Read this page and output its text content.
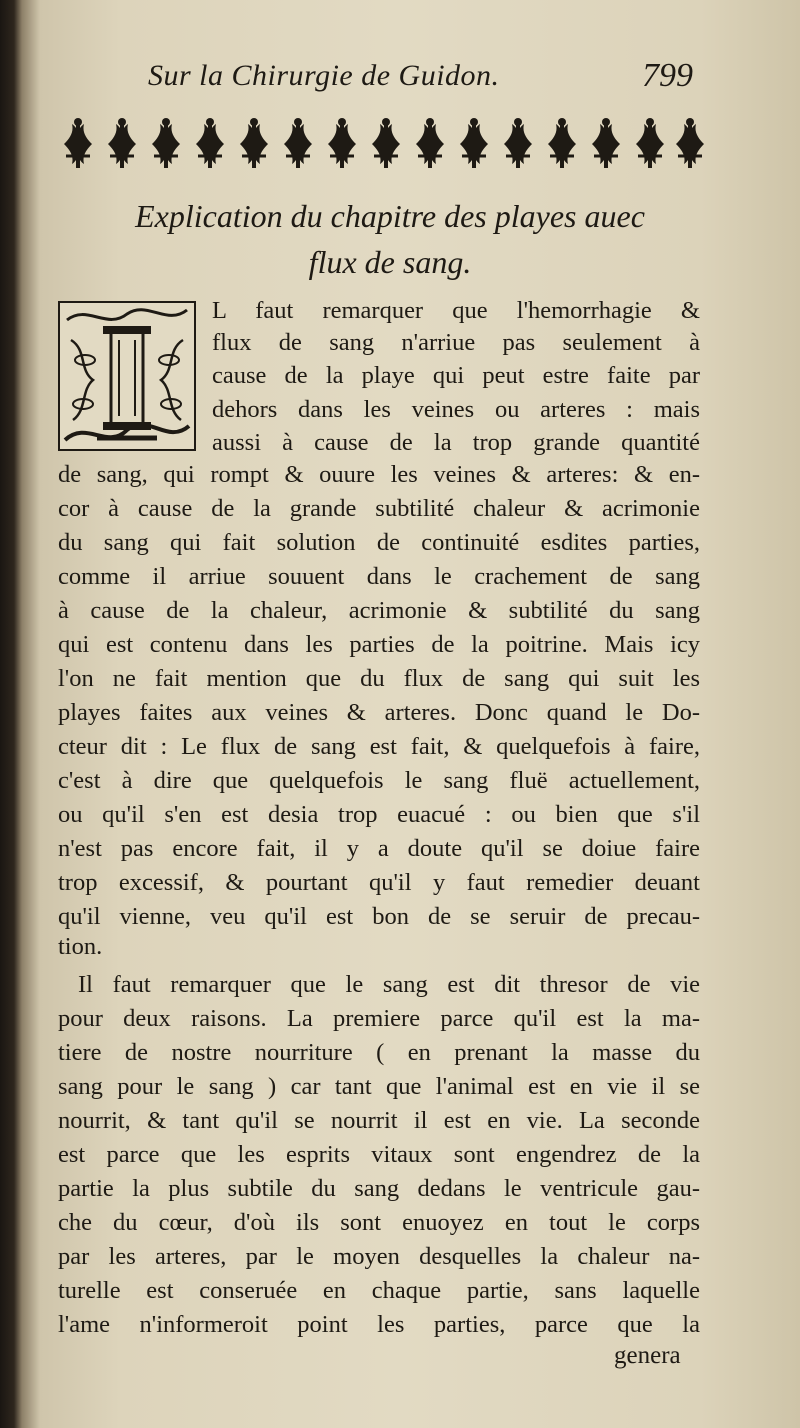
Sur la Chirurgie de Guidon.	799
Explication du chapitre des playes auec
flux de sang.
L faut remarquer que l'hemorrhagie &
flux de sang n'arriue pas seulement à
cause de la playe qui peut estre faite par
dehors dans les veines ou arteres : mais
aussi à cause de la trop grande quantité
de sang, qui rompt & ouure les veines & arteres: & en-
cor à cause de la grande subtilité chaleur & acrimonie
du sang qui fait solution de continuité esdites parties,
comme il arriue souuent dans le crachement de sang
à cause de la chaleur, acrimonie & subtilité du sang
qui est contenu dans les parties de la poitrine. Mais icy
l'on ne fait mention que du flux de sang qui suit les
playes faites aux veines & arteres. Donc quand le Do-
cteur dit : Le flux de sang est fait, & quelquefois à faire,
c'est à dire que quelquefois le sang fluë actuellement,
ou qu'il s'en est desia trop euacué : ou bien que s'il
n'est pas encore fait, il y a doute qu'il se doiue faire
trop excessif, & pourtant qu'il y faut remedier deuant
qu'il vienne, veu qu'il est bon de se seruir de precau-
tion.
Il faut remarquer que le sang est dit thresor de vie
pour deux raisons. La premiere parce qu'il est la ma-
tiere de nostre nourriture ( en prenant la masse du
sang pour le sang ) car tant que l'animal est en vie il se
nourrit, & tant qu'il se nourrit il est en vie. La seconde
est parce que les esprits vitaux sont engendrez de la
partie la plus subtile du sang dedans le ventricule gau-
che du cœur, d'où ils sont enuoyez en tout le corps
par les arteres, par le moyen desquelles la chaleur na-
turelle est conseruée en chaque partie, sans laquelle
l'ame n'informeroit point les parties, parce que la
genera
